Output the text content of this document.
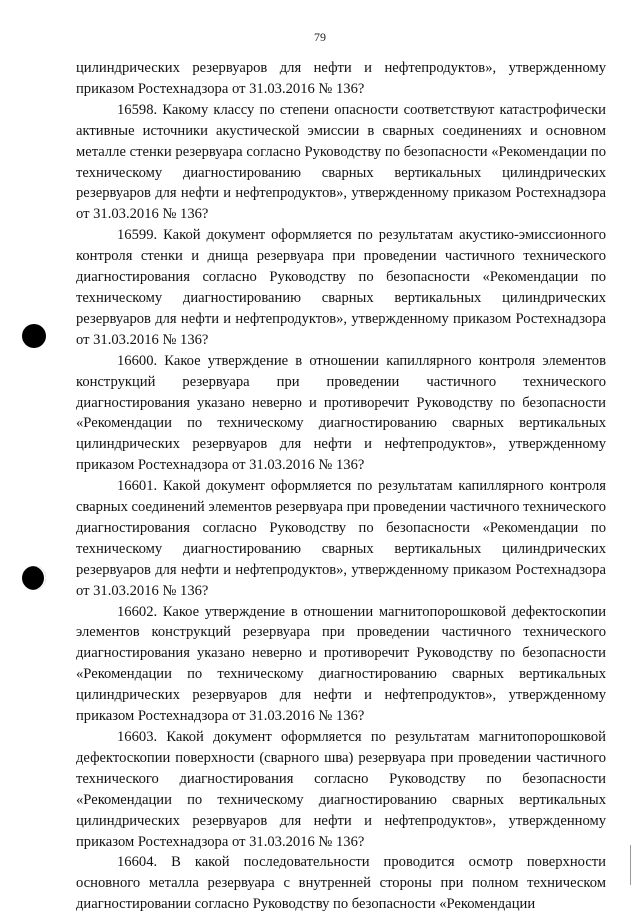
79

цилиндрических резервуаров для нефти и нефтепродуктов», утвержденному приказом Ростехнадзора от 31.03.2016 № 136?

16598. Какому классу по степени опасности соответствуют катастрофически активные источники акустической эмиссии в сварных соединениях и основном металле стенки резервуара согласно Руководству по безопасности «Рекомендации по техническому диагностированию сварных вертикальных цилиндрических резервуаров для нефти и нефтепродуктов», утвержденному приказом Ростехнадзора от 31.03.2016 № 136?

16599. Какой документ оформляется по результатам акустико-эмиссионного контроля стенки и днища резервуара при проведении частичного технического диагностирования согласно Руководству по безопасности «Рекомендации по техническому диагностированию сварных вертикальных цилиндрических резервуаров для нефти и нефтепродуктов», утвержденному приказом Ростехнадзора от 31.03.2016 № 136?

16600. Какое утверждение в отношении капиллярного контроля элементов конструкций резервуара при проведении частичного технического диагностирования указано неверно и противоречит Руководству по безопасности «Рекомендации по техническому диагностированию сварных вертикальных цилиндрических резервуаров для нефти и нефтепродуктов», утвержденному приказом Ростехнадзора от 31.03.2016 № 136?

16601. Какой документ оформляется по результатам капиллярного контроля сварных соединений элементов резервуара при проведении частичного технического диагностирования согласно Руководству по безопасности «Рекомендации по техническому диагностированию сварных вертикальных цилиндрических резервуаров для нефти и нефтепродуктов», утвержденному приказом Ростехнадзора от 31.03.2016 № 136?

16602. Какое утверждение в отношении магнитопорошковой дефектоскопии элементов конструкций резервуара при проведении частичного технического диагностирования указано неверно и противоречит Руководству по безопасности «Рекомендации по техническому диагностированию сварных вертикальных цилиндрических резервуаров для нефти и нефтепродуктов», утвержденному приказом Ростехнадзора от 31.03.2016 № 136?

16603. Какой документ оформляется по результатам магнитопорошковой дефектоскопии поверхности (сварного шва) резервуара при проведении частичного технического диагностирования согласно Руководству по безопасности «Рекомендации по техническому диагностированию сварных вертикальных цилиндрических резервуаров для нефти и нефтепродуктов», утвержденному приказом Ростехнадзора от 31.03.2016 № 136?

16604. В какой последовательности проводится осмотр поверхности основного металла резервуара с внутренней стороны при полном техническом диагностировании согласно Руководству по безопасности «Рекомендации
